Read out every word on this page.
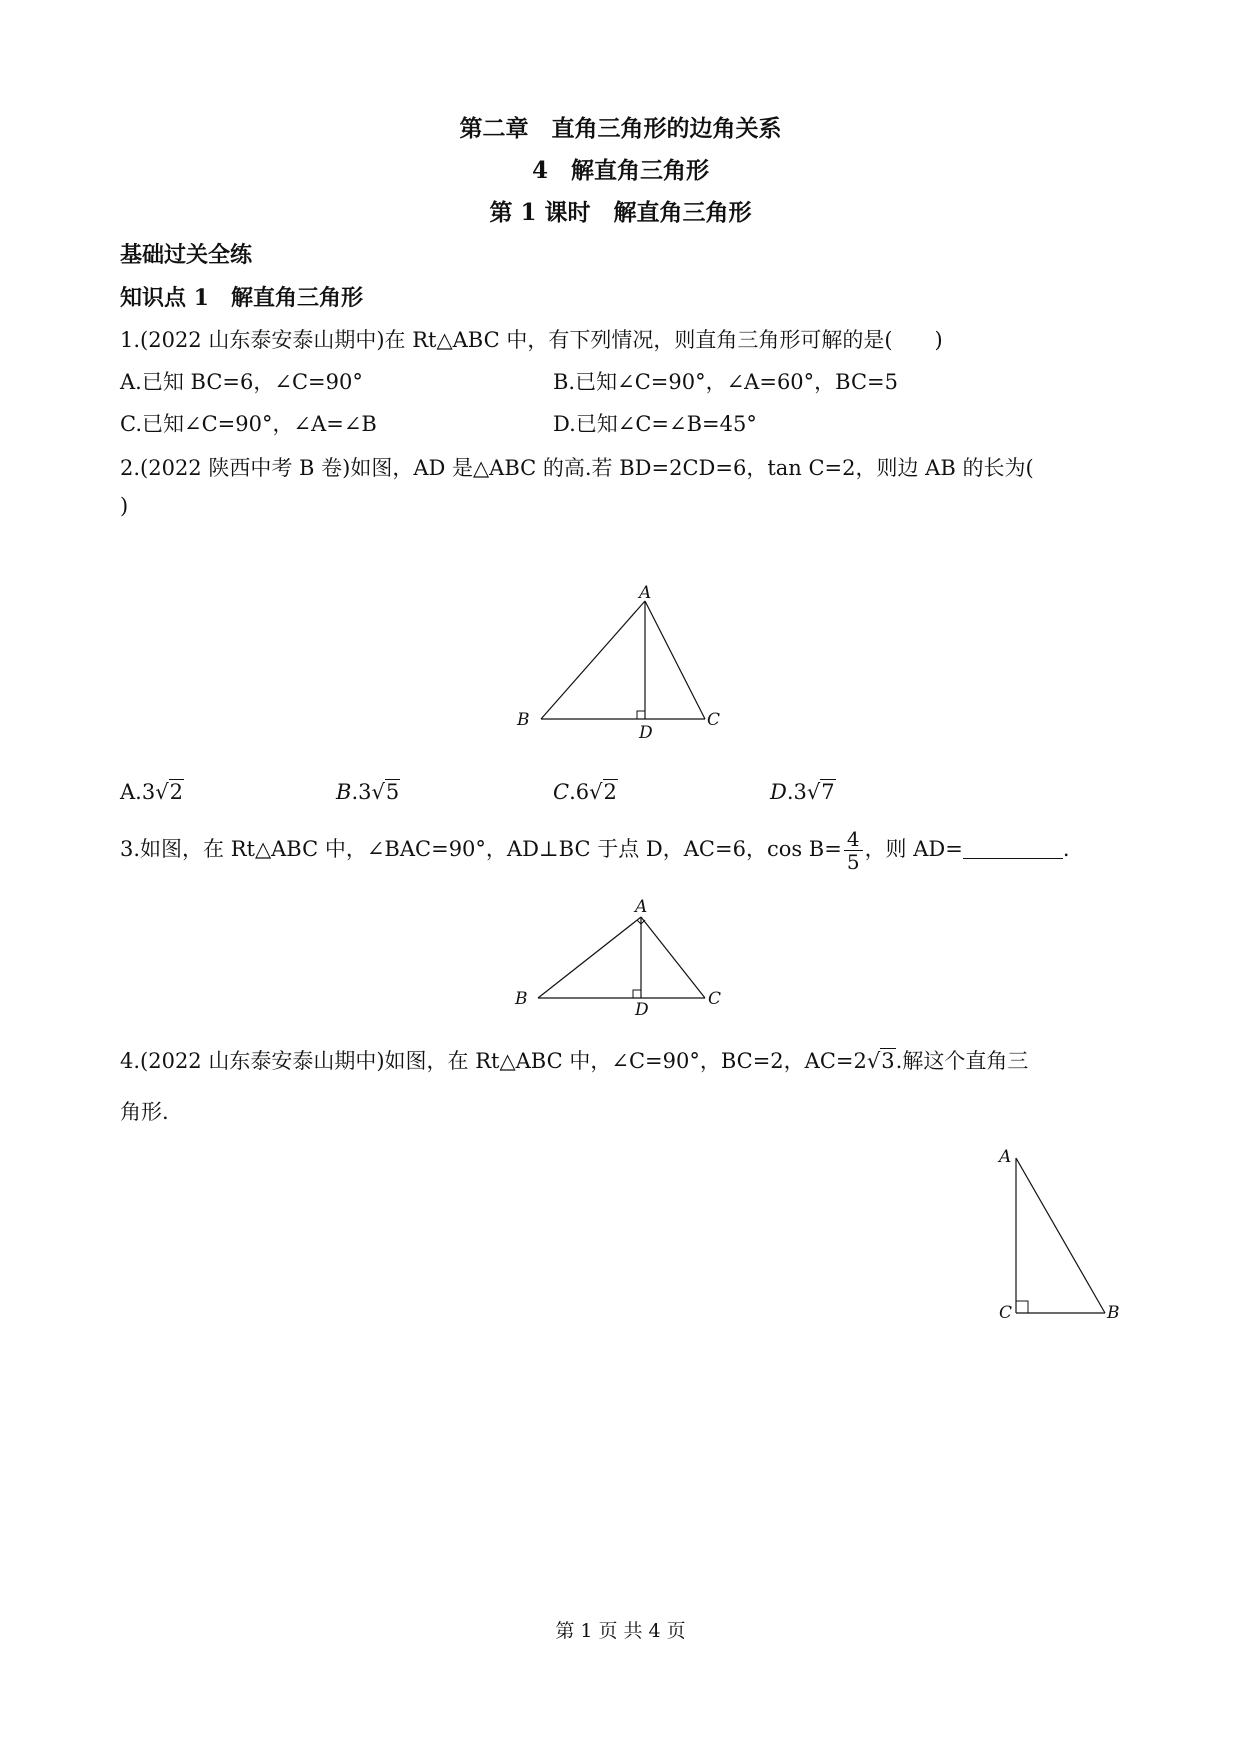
第二章　直角三角形的边角关系
4　解直角三角形
第 1 课时　解直角三角形
基础过关全练
知识点 1　解直角三角形
1.(2022 山东泰安泰山期中)在 Rt△ABC 中，有下列情况，则直角三角形可解的是(　　)
A.已知 BC=6，∠C=90°	B.已知∠C=90°，∠A=60°，BC=5
C.已知∠C=90°，∠A=∠B	D.已知∠C=∠B=45°
2.(2022 陕西中考 B 卷)如图，AD 是△ABC 的高.若 BD=2CD=6，tan C=2，则边 AB 的长为(
)
A
B	C
D
A.3√2	B.3√5	C.6√2	D.3√7
3.如图，在 Rt△ABC 中，∠BAC=90°，AD⊥BC 于点 D，AC=6，$\cos B= \frac{4}{5}$ ，则 AD=	.
A
B	C
D
4.(2022 山东泰安泰山期中)如图，在 Rt△ABC 中，∠C=90°，BC=2，AC=2√3.解这个直角三
角形.
A
C	B
第 1 页 共 4 页
